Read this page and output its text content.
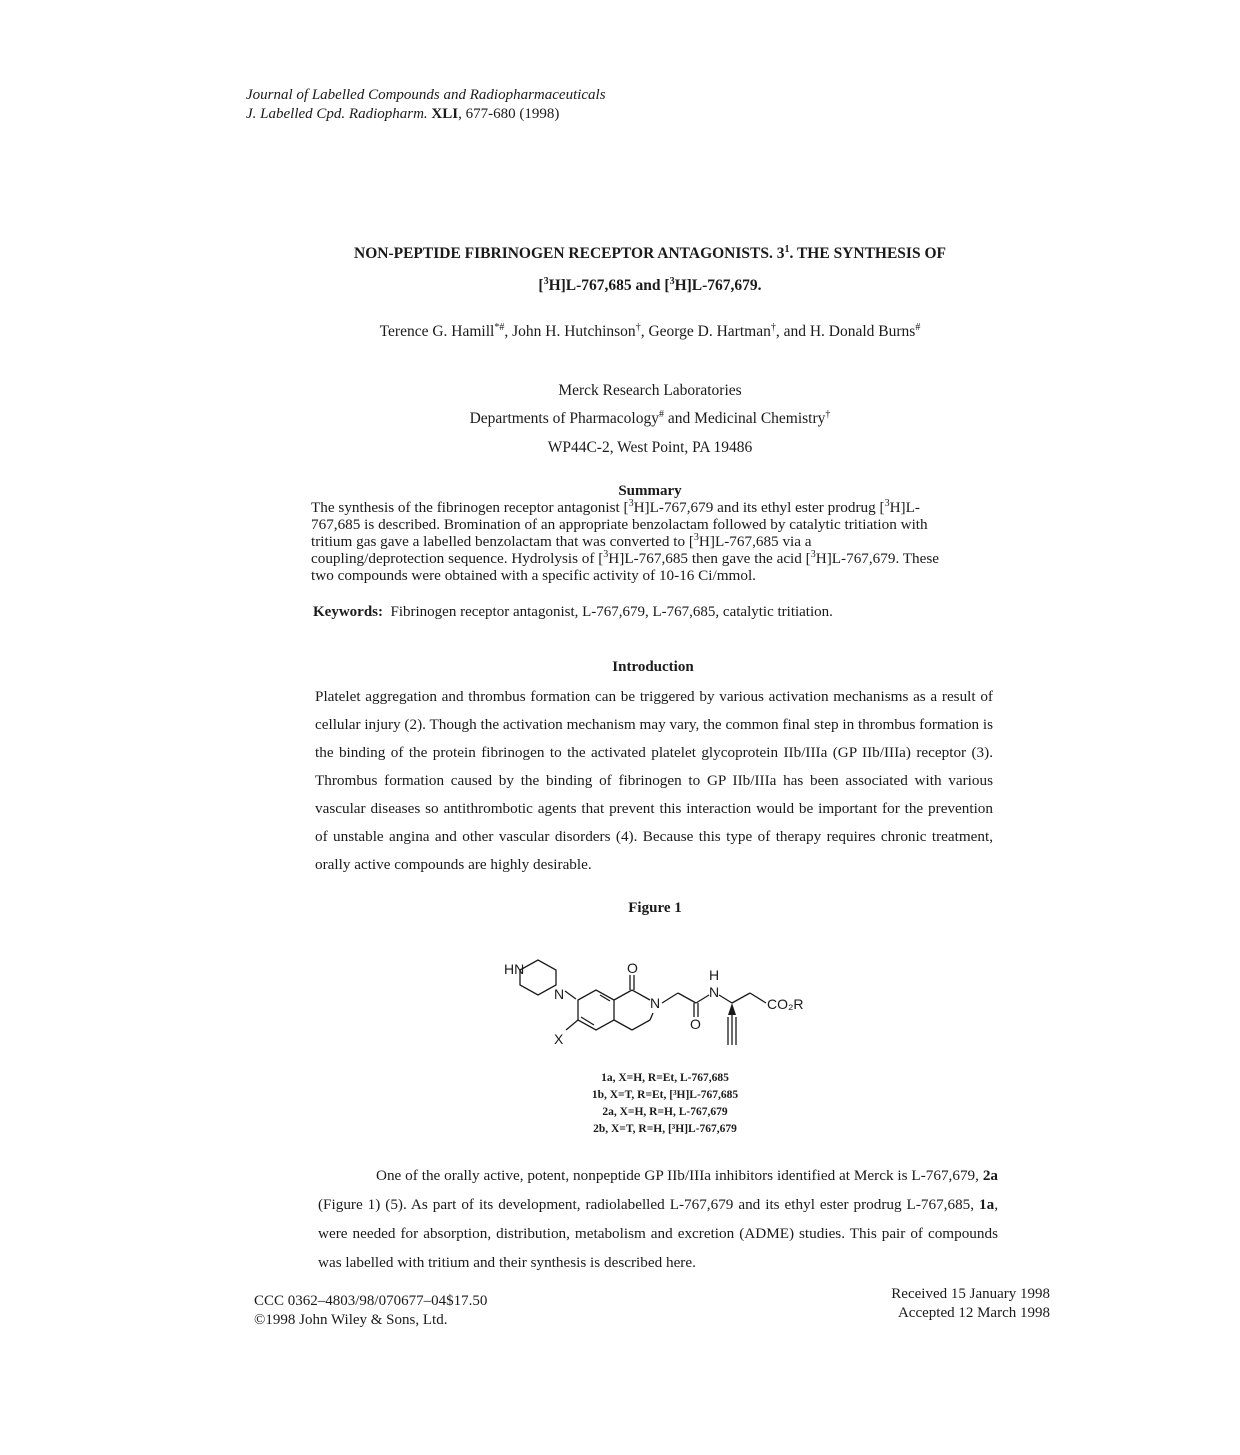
Journal of Labelled Compounds and Radiopharmaceuticals
J. Labelled Cpd. Radiopharm. XLI, 677-680 (1998)
NON-PEPTIDE FIBRINOGEN RECEPTOR ANTAGONISTS. $3^1$. THE SYNTHESIS OF
[$^3$H]L-767,685 and [$^3$H]L-767,679.
Terence G. Hamill*#, John H. Hutchinson†, George D. Hartman†, and H. Donald Burns#
Merck Research Laboratories
Departments of Pharmacology# and Medicinal Chemistry†
WP44C-2, West Point, PA 19486
Summary
The synthesis of the fibrinogen receptor antagonist [$^3$H]L-767,679 and its ethyl ester prodrug [$^3$H]L-767,685 is described. Bromination of an appropriate benzolactam followed by catalytic tritiation with tritium gas gave a labelled benzolactam that was converted to [$^3$H]L-767,685 via a coupling/deprotection sequence. Hydrolysis of [$^3$H]L-767,685 then gave the acid [$^3$H]L-767,679. These two compounds were obtained with a specific activity of 10-16 Ci/mmol.
Keywords: Fibrinogen receptor antagonist, L-767,679, L-767,685, catalytic tritiation.
Introduction
Platelet aggregation and thrombus formation can be triggered by various activation mechanisms as a result of cellular injury (2). Though the activation mechanism may vary, the common final step in thrombus formation is the binding of the protein fibrinogen to the activated platelet glycoprotein IIb/IIIa (GP IIb/IIIa) receptor (3). Thrombus formation caused by the binding of fibrinogen to GP IIb/IIIa has been associated with various vascular diseases so antithrombotic agents that prevent this interaction would be important for the prevention of unstable angina and other vascular disorders (4). Because this type of therapy requires chronic treatment, orally active compounds are highly desirable.
Figure 1
HN
N
X
O
N
O
H
N
CO₂R
1a, X=H, R=Et, L-767,685
1b, X=T, R=Et, [³H]L-767,685
2a, X=H, R=H, L-767,679
2b, X=T, R=H, [³H]L-767,679
One of the orally active, potent, nonpeptide GP IIb/IIIa inhibitors identified at Merck is L-767,679, 2a (Figure 1) (5). As part of its development, radiolabelled L-767,679 and its ethyl ester prodrug L-767,685, 1a, were needed for absorption, distribution, metabolism and excretion (ADME) studies. This pair of compounds was labelled with tritium and their synthesis is described here.
CCC 0362–4803/98/070677–04$17.50
©1998 John Wiley & Sons, Ltd.
Received 15 January 1998
Accepted 12 March 1998
